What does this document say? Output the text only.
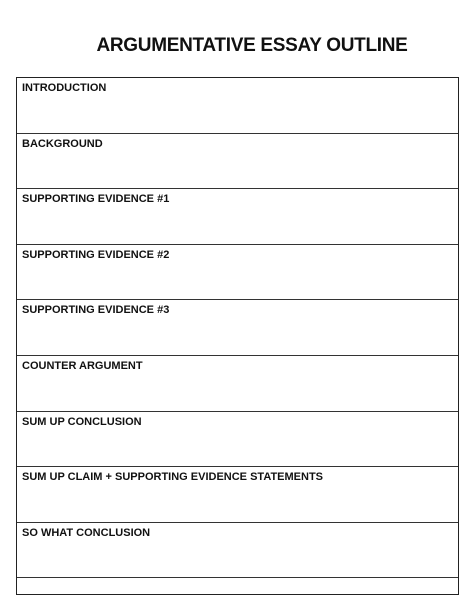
ARGUMENTATIVE ESSAY OUTLINE
INTRODUCTION
BACKGROUND
SUPPORTING EVIDENCE #1
SUPPORTING EVIDENCE #2
SUPPORTING EVIDENCE #3
COUNTER ARGUMENT
SUM UP CONCLUSION
SUM UP CLAIM + SUPPORTING EVIDENCE STATEMENTS
SO WHAT CONCLUSION
